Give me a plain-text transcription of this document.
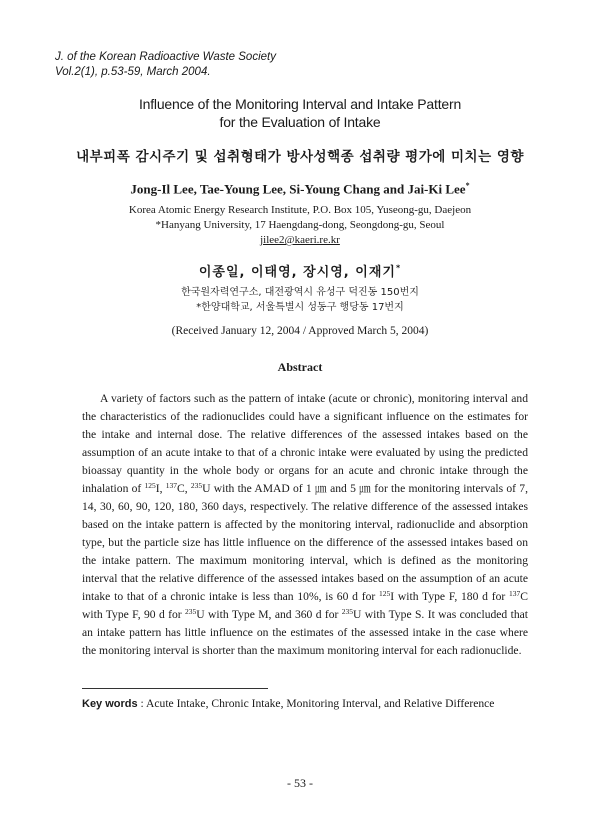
J. of the Korean Radioactive Waste Society
Vol.2(1), p.53-59, March 2004.
Influence of the Monitoring Interval and Intake Pattern
for the Evaluation of Intake
내부피폭 감시주기 및 섭취형태가 방사성핵종 섭취량 평가에 미치는 영향
Jong-Il Lee, Tae-Young Lee, Si-Young Chang and Jai-Ki Lee*
Korea Atomic Energy Research Institute, P.O. Box 105, Yuseong-gu, Daejeon
*Hanyang University, 17 Haengdang-dong, Seongdong-gu, Seoul
jilee2@kaeri.re.kr
이종일, 이태영, 장시영, 이재기*
한국원자력연구소, 대전광역시 유성구 덕진동 150번지
*한양대학교, 서울특별시 성동구 행당동 17번지
(Received January 12, 2004 / Approved March 5, 2004)
Abstract

A variety of factors such as the pattern of intake (acute or chronic), monitoring interval and the characteristics of the radionuclides could have a significant influence on the estimates for the intake and internal dose. The relative differences of the assessed intakes based on the assumption of an acute intake to that of a chronic intake were evaluated by using the predicted bioassay quantity in the whole body or organs for an acute and chronic intake through the inhalation of $^{125}$I, $^{137}$C, $^{235}$U with the AMAD of 1 ㎛ and 5 ㎛ for the monitoring intervals of 7, 14, 30, 60, 90, 120, 180, 360 days, respectively. The relative difference of the assessed intakes based on the intake pattern is affected by the monitoring interval, radionuclide and absorption type, but the particle size has little influence on the difference of the assessed intakes based on the intake pattern. The maximum monitoring interval, which is defined as the monitoring interval that the relative difference of the assessed intakes based on the assumption of an acute intake to that of a chronic intake is less than 10%, is 60 d for $^{125}$I with Type F, 180 d for $^{137}$C with Type F, 90 d for $^{235}$U with Type M, and 360 d for $^{235}$U with Type S. It was concluded that an intake pattern has little influence on the estimates of the assessed intake in the case where the monitoring interval is shorter than the maximum monitoring interval for each radionuclide.

Key words : Acute Intake, Chronic Intake, Monitoring Interval, and Relative Difference
- 53 -
